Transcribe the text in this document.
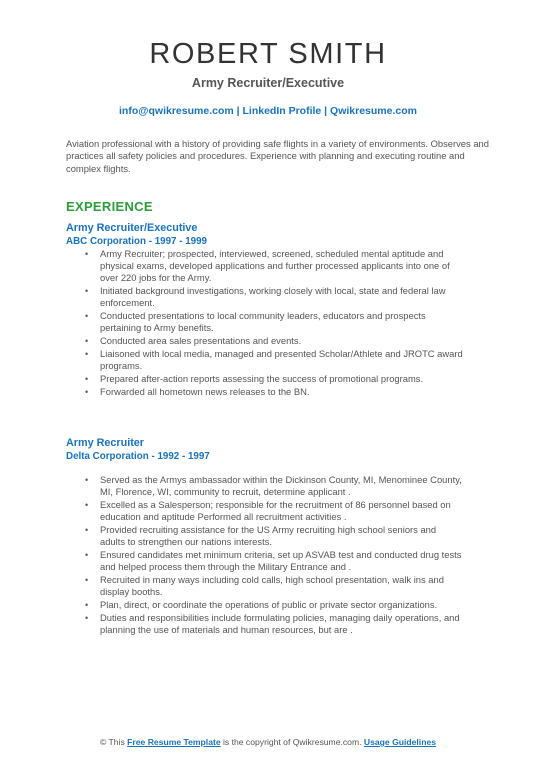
ROBERT SMITH
Army Recruiter/Executive
info@qwikresume.com | LinkedIn Profile | Qwikresume.com
Aviation professional with a history of providing safe flights in a variety of environments. Observes and practices all safety policies and procedures. Experience with planning and executing routine and complex flights.
EXPERIENCE
Army Recruiter/Executive
ABC Corporation - 1997 - 1999
• Army Recruiter; prospected, interviewed, screened, scheduled mental aptitude and physical exams, developed applications and further processed applicants into one of over 220 jobs for the Army.
• Initiated background investigations, working closely with local, state and federal law enforcement.
• Conducted presentations to local community leaders, educators and prospects pertaining to Army benefits.
• Conducted area sales presentations and events.
• Liaisoned with local media, managed and presented Scholar/Athlete and JROTC award programs.
• Prepared after-action reports assessing the success of promotional programs.
• Forwarded all hometown news releases to the BN.
Army Recruiter
Delta Corporation - 1992 - 1997
• Served as the Armys ambassador within the Dickinson County, MI, Menominee County, MI, Florence, WI, community to recruit, determine applicant .
• Excelled as a Salesperson; responsible for the recruitment of 86 personnel based on education and aptitude Performed all recruitment activities .
• Provided recruiting assistance for the US Army recruiting high school seniors and adults to strengthen our nations interests.
• Ensured candidates met minimum criteria, set up ASVAB test and conducted drug tests and helped process them through the Military Entrance and .
• Recruited in many ways including cold calls, high school presentation, walk ins and display booths.
• Plan, direct, or coordinate the operations of public or private sector organizations.
• Duties and responsibilities include formulating policies, managing daily operations, and planning the use of materials and human resources, but are .
© This Free Resume Template is the copyright of Qwikresume.com. Usage Guidelines
